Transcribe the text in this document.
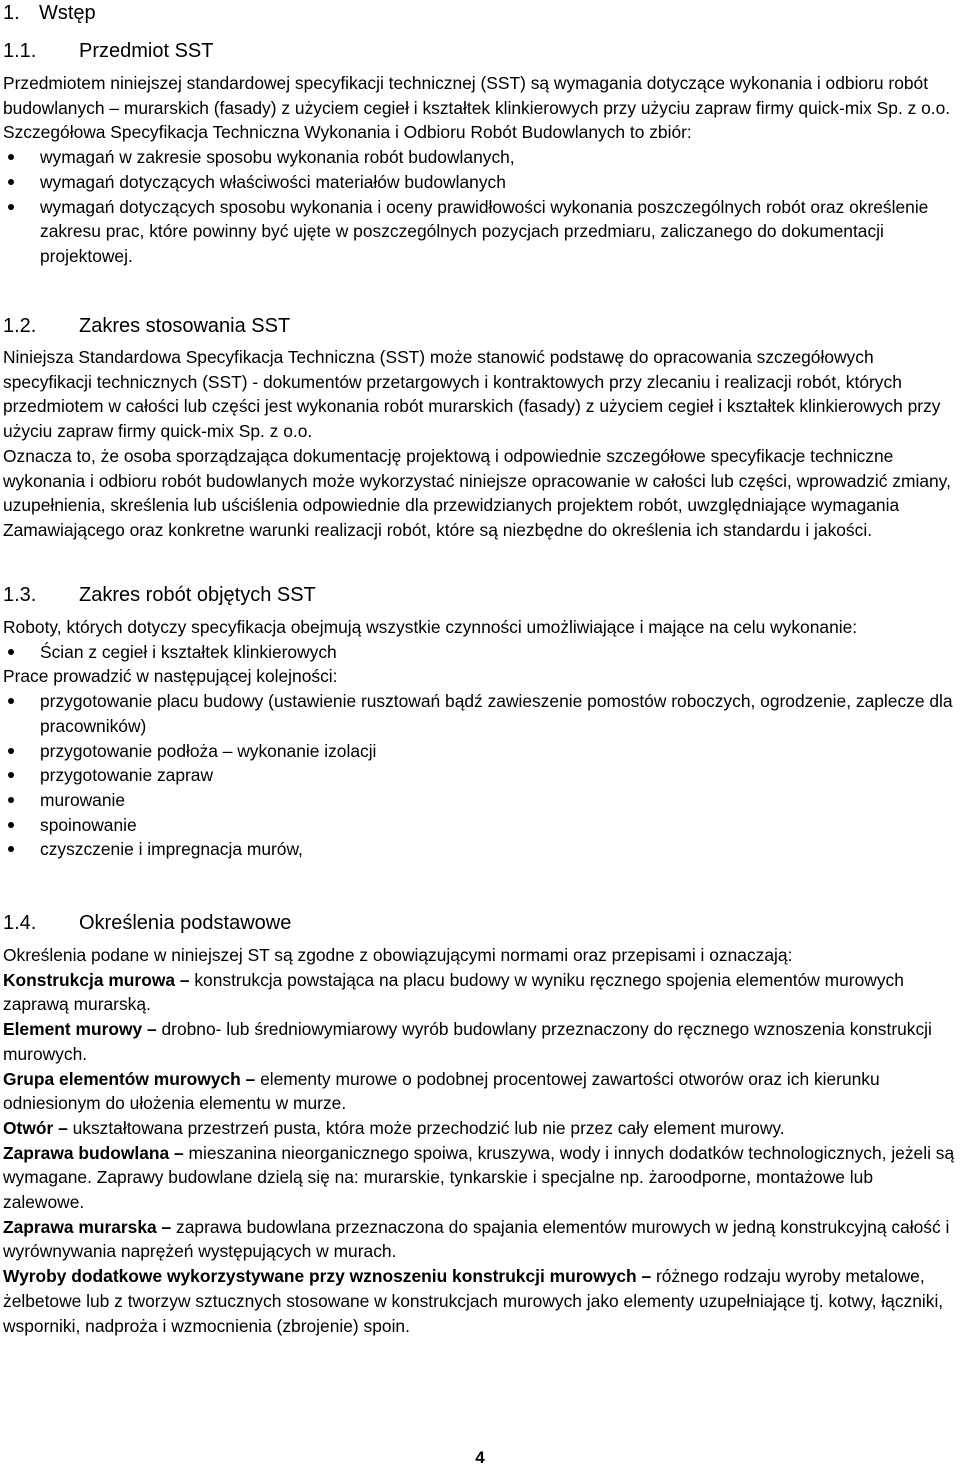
1. Wstęp
1.1. Przedmiot SST

Przedmiotem niniejszej standardowej specyfikacji technicznej (SST) są wymagania dotyczące wykonania i odbioru robót budowlanych – murarskich (fasady) z użyciem cegieł i kształtek klinkierowych przy użyciu zapraw firmy quick-mix Sp. z o.o.

Szczegółowa Specyfikacja Techniczna Wykonania i Odbioru Robót Budowlanych to zbiór:

wymagań w zakresie sposobu wykonania robót budowlanych,
wymagań dotyczących właściwości materiałów budowlanych
wymagań dotyczących sposobu wykonania i oceny prawidłowości wykonania poszczególnych robót oraz określenie zakresu prac, które powinny być ujęte w poszczególnych pozycjach przedmiaru, zaliczanego do dokumentacji projektowej.
1.2. Zakres stosowania SST

Niniejsza Standardowa Specyfikacja Techniczna (SST) może stanowić podstawę do opracowania szczegółowych specyfikacji technicznych (SST) - dokumentów przetargowych i kontraktowych przy zlecaniu i realizacji robót, których przedmiotem w całości lub części jest wykonania robót murarskich (fasady) z użyciem cegieł i kształtek klinkierowych przy użyciu zapraw firmy quick-mix Sp. z o.o.

Oznacza to, że osoba sporządzająca dokumentację projektową i odpowiednie szczegółowe specyfikacje techniczne wykonania i odbioru robót budowlanych może wykorzystać niniejsze opracowanie w całości lub części, wprowadzić zmiany, uzupełnienia, skreślenia lub uściślenia odpowiednie dla przewidzianych projektem robót, uwzględniające wymagania Zamawiającego oraz konkretne warunki realizacji robót, które są niezbędne do określenia ich standardu i jakości.

1.3. Zakres robót objętych SST

Roboty, których dotyczy specyfikacja obejmują wszystkie czynności umożliwiające i mające na celu wykonanie:

Ścian z cegieł i kształtek klinkierowych

Prace prowadzić w następującej kolejności:

przygotowanie placu budowy (ustawienie rusztowań bądź zawieszenie pomostów roboczych, ogrodzenie, zaplecze dla pracowników)
przygotowanie podłoża – wykonanie izolacji
przygotowanie zapraw
murowanie
spoinowanie
czyszczenie i impregnacja murów,
1.4. Określenia podstawowe

Określenia podane w niniejszej ST są zgodne z obowiązującymi normami oraz przepisami i oznaczają:

Konstrukcja murowa – konstrukcja powstająca na placu budowy w wyniku ręcznego spojenia elementów murowych zaprawą murarską.

Element murowy – drobno- lub średniowymiarowy wyrób budowlany przeznaczony do ręcznego wznoszenia konstrukcji murowych.

Grupa elementów murowych – elementy murowe o podobnej procentowej zawartości otworów oraz ich kierunku odniesionym do ułożenia elementu w murze.

Otwór – ukształtowana przestrzeń pusta, która może przechodzić lub nie przez cały element murowy.

Zaprawa budowlana – mieszanina nieorganicznego spoiwa, kruszywa, wody i innych dodatków technologicznych, jeżeli są wymagane. Zaprawy budowlane dzielą się na: murarskie, tynkarskie i specjalne np. żaroodporne, montażowe lub zalewowe.

Zaprawa murarska – zaprawa budowlana przeznaczona do spajania elementów murowych w jedną konstrukcyjną całość i wyrównywania naprężeń występujących w murach.

Wyroby dodatkowe wykorzystywane przy wznoszeniu konstrukcji murowych – różnego rodzaju wyroby metalowe, żelbetowe lub z tworzyw sztucznych stosowane w konstrukcjach murowych jako elementy uzupełniające tj. kotwy, łączniki, wsporniki, nadproża i wzmocnienia (zbrojenie) spoin.

4
